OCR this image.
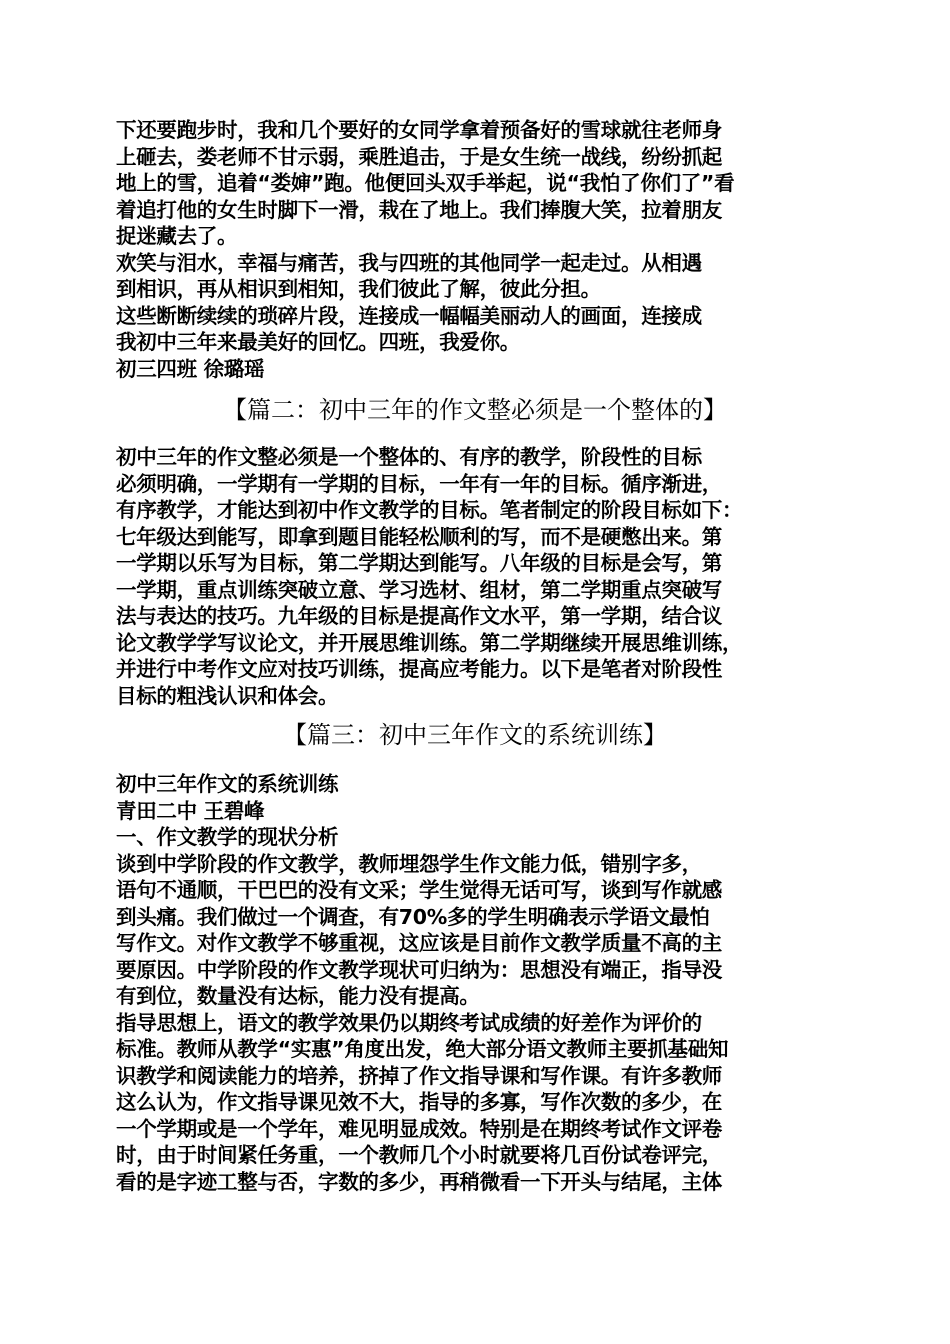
下还要跑步时，我和几个要好的女同学拿着预备好的雪球就往老师身
上砸去，娄老师不甘示弱，乘胜追击，于是女生统一战线，纷纷抓起
地上的雪，追着“娄婶”跑。他便回头双手举起，说“我怕了你们了”看
着追打他的女生时脚下一滑，栽在了地上。我们捧腹大笑，拉着朋友
捉迷藏去了。
欢笑与泪水，幸福与痛苦，我与四班的其他同学一起走过。从相遇
到相识，再从相识到相知，我们彼此了解，彼此分担。
这些断断续续的琐碎片段，连接成一幅幅美丽动人的画面，连接成
我初中三年来最美好的回忆。四班，我爱你。
初三四班 徐璐瑶
【篇二：初中三年的作文整必须是一个整体的】
初中三年的作文整必须是一个整体的、有序的教学，阶段性的目标
必须明确，一学期有一学期的目标，一年有一年的目标。循序渐进，
有序教学，才能达到初中作文教学的目标。笔者制定的阶段目标如下：
七年级达到能写，即拿到题目能轻松顺利的写，而不是硬憋出来。第
一学期以乐写为目标，第二学期达到能写。八年级的目标是会写，第
一学期，重点训练突破立意、学习选材、组材，第二学期重点突破写
法与表达的技巧。九年级的目标是提高作文水平，第一学期，结合议
论文教学学写议论文，并开展思维训练。第二学期继续开展思维训练，
并进行中考作文应对技巧训练，提高应考能力。以下是笔者对阶段性
目标的粗浅认识和体会。
【篇三：初中三年作文的系统训练】
初中三年作文的系统训练
青田二中 王碧峰
一、作文教学的现状分析
谈到中学阶段的作文教学，教师埋怨学生作文能力低，错别字多，
语句不通顺，干巴巴的没有文采；学生觉得无话可写，谈到写作就感
到头痛。我们做过一个调查，有70%多的学生明确表示学语文最怕
写作文。对作文教学不够重视，这应该是目前作文教学质量不高的主
要原因。中学阶段的作文教学现状可归纳为：思想没有端正，指导没
有到位，数量没有达标，能力没有提高。
指导思想上，语文的教学效果仍以期终考试成绩的好差作为评价的
标准。教师从教学“实惠”角度出发，绝大部分语文教师主要抓基础知
识教学和阅读能力的培养，挤掉了作文指导课和写作课。有许多教师
这么认为，作文指导课见效不大，指导的多寡，写作次数的多少，在
一个学期或是一个学年，难见明显成效。特别是在期终考试作文评卷
时，由于时间紧任务重，一个教师几个小时就要将几百份试卷评完，
看的是字迹工整与否，字数的多少，再稍微看一下开头与结尾，主体
